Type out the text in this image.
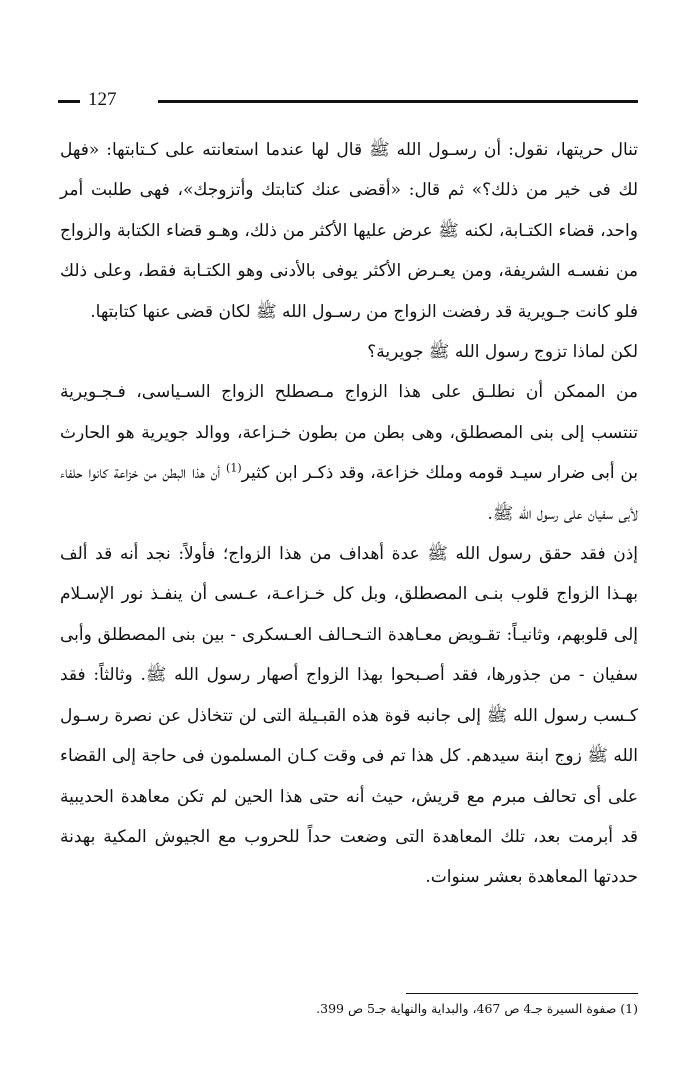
127

تنال حريتها، نقول: أن رسـول الله ﷺ قال لها عندما استعانته على كـتابتها: «فهل لك فى خير من ذلك؟» ثم قال: «أقضى عنك كتابتك وأتزوجك»، فهى طلبت أمر واحد، قضاء الكتـابة، لكنه ﷺ عرض عليها الأكثر من ذلك، وهـو قضاء الكتابة والزواج من نفسـه الشريفة، ومن يعـرض الأكثر يوفى بالأدنى وهو الكتـابة فقط، وعلى ذلك فلو كانت جـويرية قد رفضت الزواج من رسـول الله ﷺ لكان قضى عنها كتابتها.

لكن لماذا تزوج رسول الله ﷺ جويرية؟

من الممكن أن نطلـق على هذا الزواج مـصطلح الزواج السـياسى، فـجـويرية تنتسب إلى بنى المصطلق، وهى بطن من بطون خـزاعة، ووالد جويرية هو الحارث بن أبى ضرار سيـد قومه وملك خزاعة، وقد ذكـر ابن كثير$^{(1)}$ أن هذا البطن من خزاعة كانوا حلفاء لأبى سفيان على رسول الله ﷺ.

إذن فقد حقق رسول الله ﷺ عدة أهداف من هذا الزواج؛ فأولاً: نجد أنه قد ألف بهـذا الزواج قلوب بنـى المصطلق، وبل كل خـزاعـة، عـسى أن ينفـذ نور الإسـلام إلى قلوبهم، وثانيـاً: تقـويض معـاهدة التـحـالف العـسكرى - بين بنى المصطلق وأبى سفيان - من جذورها، فقد أصـبحوا بهذا الزواج أصهار رسول الله ﷺ. وثالثاً: فقد كـسب رسول الله ﷺ إلى جانبه قوة هذه القبـيلة التى لن تتخاذل عن نصرة رسـول الله ﷺ زوج ابنة سيدهم. كل هذا تم فى وقت كـان المسلمون فى حاجة إلى القضاء على أى تحالف مبرم مع قريش، حيث أنه حتى هذا الحين لم تكن معاهدة الحديبية قد أبرمت بعد، تلك المعاهدة التى وضعت حداً للحروب مع الجيوش المكية بهدنة حددتها المعاهدة بعشر سنوات.

(1) صفوة السيرة جـ4 ص 467، والبداية والنهاية جـ5 ص 399.
